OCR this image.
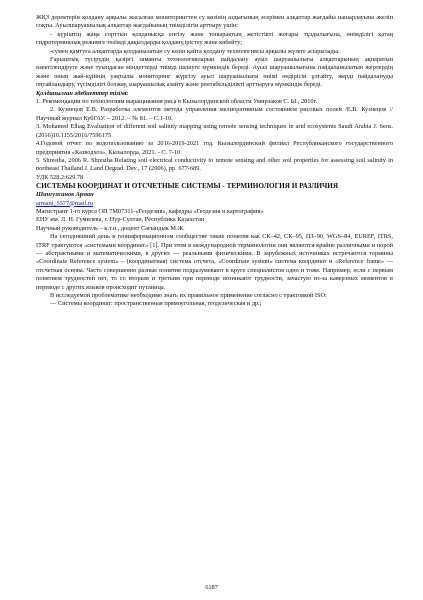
ЖҚЗ деректерін қолдану арқылы жасалған мониторингтен су көзінің аздығының әсерімен алқаптар жағдайы нашарлауына әкеліп соқты. Ауылшаруашылық алқаптар жағдайының тиімділігін арттыру үшін:

- күріштің жаңа сорттын қолданысқа енгізу және топырақтың жетістікті жоғары тұздылығына, өнімділігі қатаң гидротермиялық режимге төзімді дақылдарды қолдану,ірістеу және көбейту;

-сумен қамтуға алқаптарда қолданылатын су көзін қайта қолдану технологиясы арқылы жүзеге асырылады.

Ғарыштық түсірудің қазіргі заманғы технологияларын пайдалану ауыл шаруашылығы алқаптарының ақпаратын өзектілендіруге және туындаған міндеттерді тиімді шешуге мүмкіндік береді. Ауыл шаруашылығына пайдаланылатын жерлердің және оның жай-күйінің уақтылы мониторинг жүргізу ауыл шаруашылығы өнімі өндірісін ұлғайту, жерді пайдалануды оңтайландыру, түсімділігі болжау, шаруашылық азайту және рентабельділікті арттыруға мүмкіндік береді.

Қолданылған әдебиеттер тізімі:

1. Рекомендации по технологиям выращивания риса в Кызылординской области Умирзаков С. Ы., 2010г.

2. Кузнецов Е.В. Разработка элементов метода управления мелиоративным состоянием рисовых полей /Е.В. Кузнецов // Научный журнал КубГАУ. – 2012. – № 81. – С.1-10.

3. Mohamed Elhag Evaluation of different soil salinity mapping using remote sensing techniques in arid ecosystems Saudi Arabia J. Sens. (2016)10.1155/2016/7596175

4.Годовой отчет по водопользованию за 2016-2019-2021 год. Кызылординский филиал Республиканского государственного предприятия «Казводхоз», Кызылорда, 2021. - С. 7-10

5. Shrestha, 2006 R. Shrestha Relating soil electrical conductivity to remote sensing and other soil properties for assessing soil salinity in northeast Thailand J. Land Degrad. Dev., 17 (2006), pp. 677-689.

УДК 528.2:629.78

СИСТЕМЫ КООРДИНАТ И ОТСЧЕТНЫЕ СИСТЕМЫ - ТЕРМИНОЛОГИЯ И РАЗЛИЧИЯ

Шингужинов Арман

armani_5577@mail.ru

Магистрант 1-го курса ОП 7М07311-«Геодезия», кафедры «Геодезия и картография»

ЕНУ им. Л. Н. Гумилева, г. Нур-Султан, Республика Казахстан

Научный руководитель – к.т.н., доцент Сағындык М.Ж.

На сегодняшний день в геоинформационном сообществе такие понятия как СК–42, СК–95, ПЗ–90, WGS–84, EUREF, ITRS, ITRF трактуются «системами координат» [1]. При этом в международной терминологии они являются крайне различными и порой — абстрактными и математическими, в других — реальными физическими. В зарубежных источниках встречаются термины «Coordinate Reference system» – (координатная) система отсчета, «Coordinate system» система координат и «Reference frame» — отсчетная основа. Часто совершенно разные понятия подразумевают в круге специалистов одно и тоже. Например, если с первым понятием трудностей нет, то со вторым и третьим при переводе возникают трудности, зачастую из-за каверзных моментов в переводе с других языков происходит путаница.

В исследуемой проблематике необходимо знать их правильное применение согласно с трактовкой ISO:

— Системы координат: пространственная прямоугольная, геодезическая и др.;

6187
